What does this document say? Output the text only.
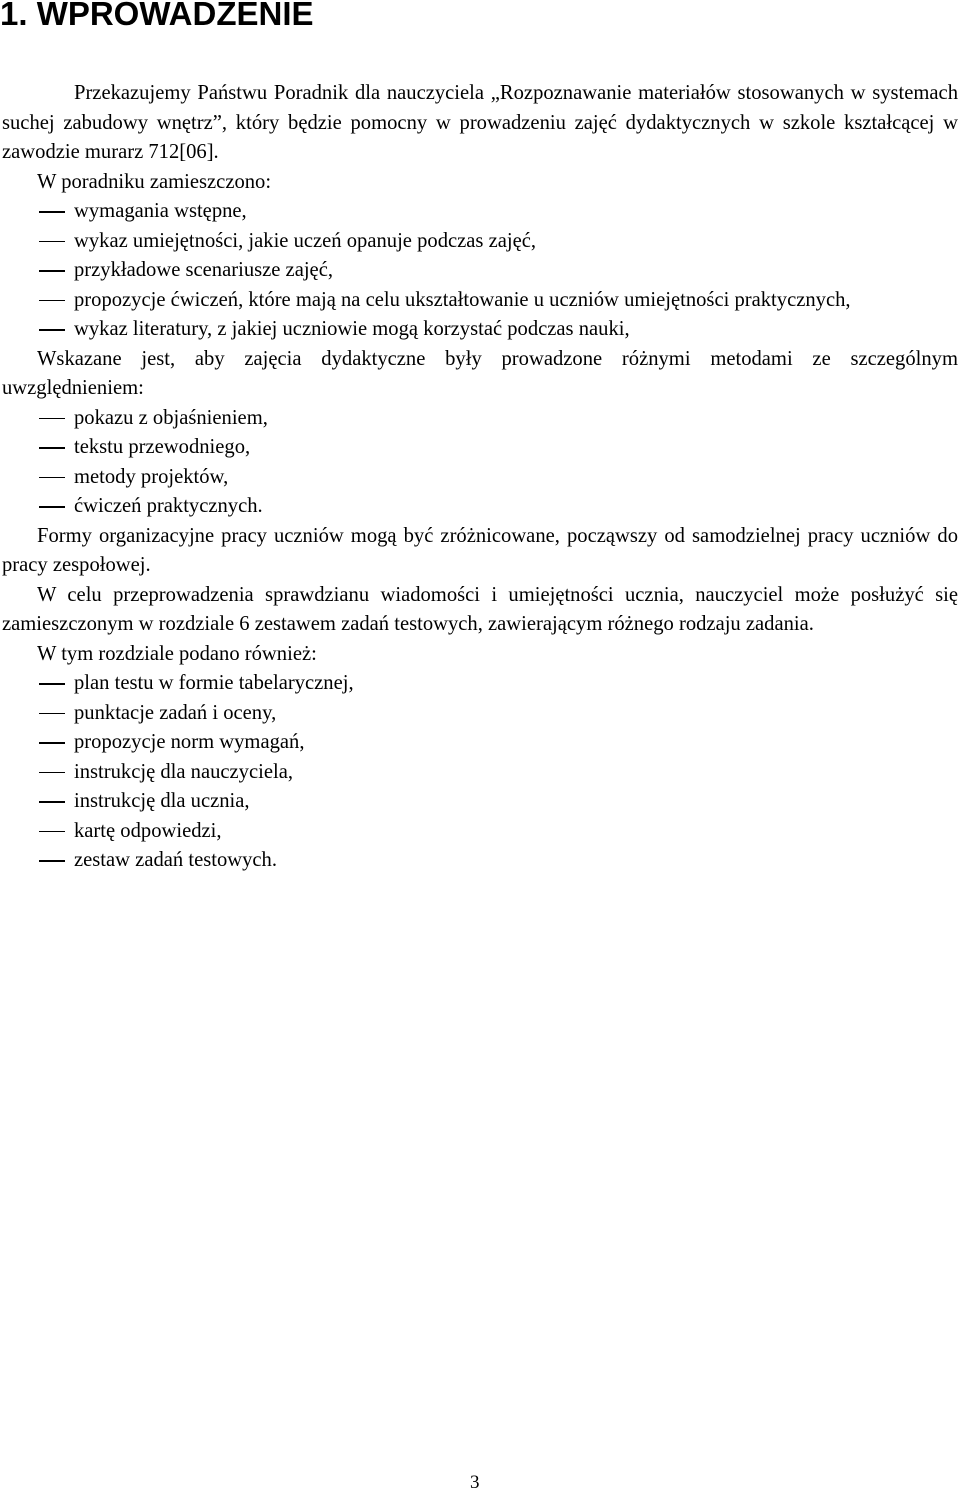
1. WPROWADZENIE

Przekazujemy Państwu Poradnik dla nauczyciela „Rozpoznawanie materiałów stosowanych w systemach suchej zabudowy wnętrz”, który będzie pomocny w prowadzeniu zajęć dydaktycznych w szkole kształcącej w zawodzie murarz 712[06].

W poradniku zamieszczono:

wymagania wstępne,
wykaz umiejętności, jakie uczeń opanuje podczas zajęć,
przykładowe scenariusze zajęć,
propozycje ćwiczeń, które mają na celu ukształtowanie u uczniów umiejętności praktycznych,
wykaz literatury, z jakiej uczniowie mogą korzystać podczas nauki,

Wskazane jest, aby zajęcia dydaktyczne były prowadzone różnymi metodami ze szczególnym uwzględnieniem:

pokazu z objaśnieniem,
tekstu przewodniego,
metody projektów,
ćwiczeń praktycznych.

Formy organizacyjne pracy uczniów mogą być zróżnicowane, począwszy od samodzielnej pracy uczniów do pracy zespołowej.

W celu przeprowadzenia sprawdzianu wiadomości i umiejętności ucznia, nauczyciel może posłużyć się zamieszczonym w rozdziale 6 zestawem zadań testowych, zawierającym różnego rodzaju zadania.

W tym rozdziale podano również:

plan testu w formie tabelarycznej,
punktacje zadań i oceny,
propozycje norm wymagań,
instrukcję dla nauczyciela,
instrukcję dla ucznia,
kartę odpowiedzi,
zestaw zadań testowych.

3
